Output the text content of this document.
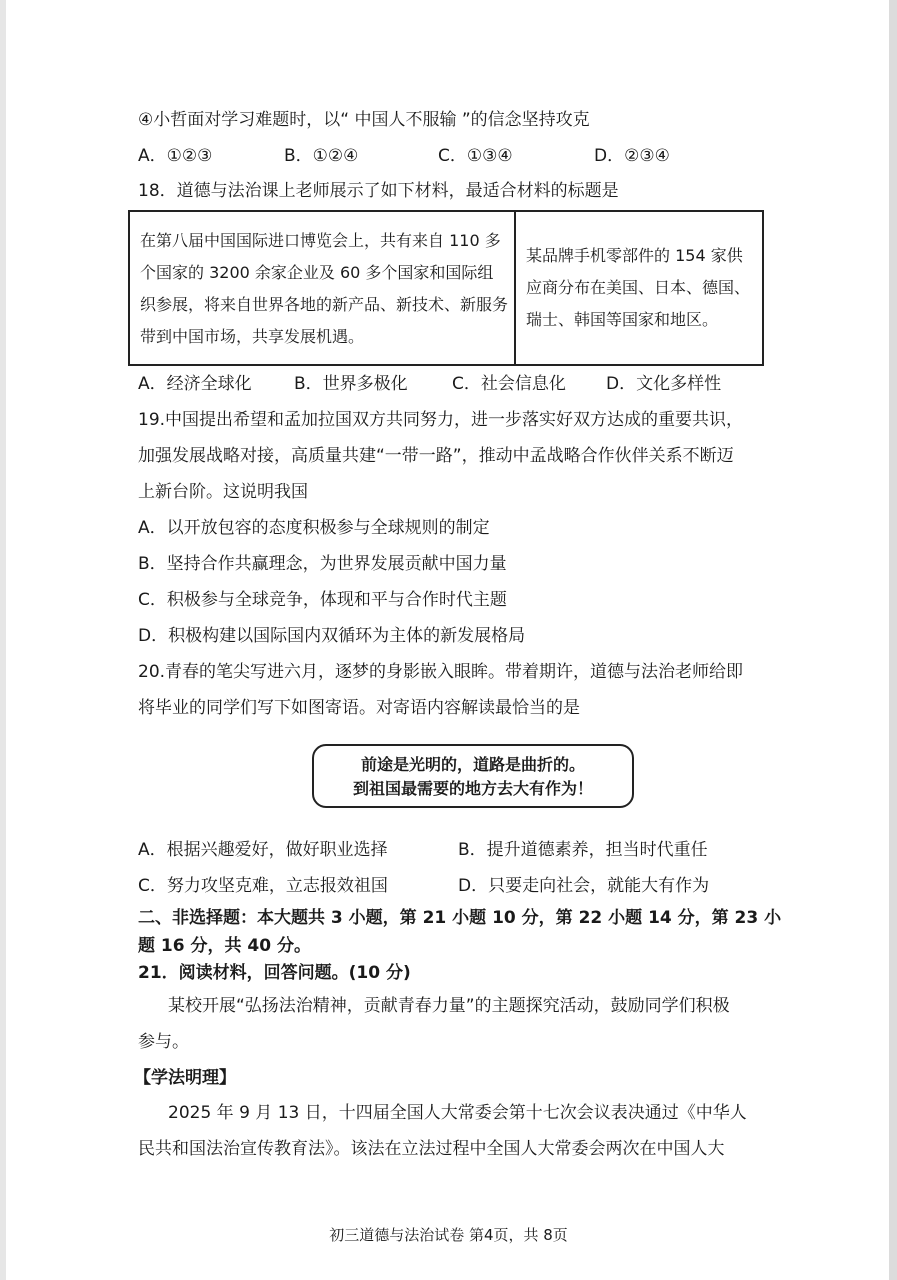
④小哲面对学习难题时，以“ 中国人不服输 ”的信念坚持攻克
A．①②③	B．①②④	C．①③④	D．②③④
18．道德与法治课上老师展示了如下材料，最适合材料的标题是
在第八届中国国际进口博览会上，共有来自 110 多个国家的 3200 余家企业及 60 多个国家和国际组织参展，将来自世界各地的新产品、新技术、新服务带到中国市场，共享发展机遇。
某品牌手机零部件的 154 家供应商分布在美国、日本、德国、瑞士、韩国等国家和地区。
A．经济全球化 B．世界多极化	C．社会信息化 D．文化多样性
19.中国提出希望和孟加拉国双方共同努力，进一步落实好双方达成的重要共识，
加强发展战略对接，高质量共建“一带一路”，推动中孟战略合作伙伴关系不断迈
上新台阶。这说明我国
A．以开放包容的态度积极参与全球规则的制定
B．坚持合作共赢理念，为世界发展贡献中国力量
C．积极参与全球竞争，体现和平与合作时代主题
D．积极构建以国际国内双循环为主体的新发展格局
20.青春的笔尖写进六月，逐梦的身影嵌入眼眸。带着期许，道德与法治老师给即
将毕业的同学们写下如图寄语。对寄语内容解读最恰当的是
前途是光明的，道路是曲折的。
到祖国最需要的地方去大有作为！
A．根据兴趣爱好，做好职业选择	B．提升道德素养，担当时代重任
C．努力攻坚克难，立志报效祖国	D．只要走向社会，就能大有作为
二、非选择题：本大题共 3 小题，第 21 小题 10 分，第 22 小题 14 分，第 23 小
题 16 分，共 40 分。
21．阅读材料，回答问题。(10 分)
某校开展“弘扬法治精神，贡献青春力量”的主题探究活动，鼓励同学们积极
参与。
【学法明理】
2025 年 9 月 13 日，十四届全国人大常委会第十七次会议表决通过《中华人
民共和国法治宣传教育法》。该法在立法过程中全国人大常委会两次在中国人大
初三道德与法治试卷 第4页，共 8页
